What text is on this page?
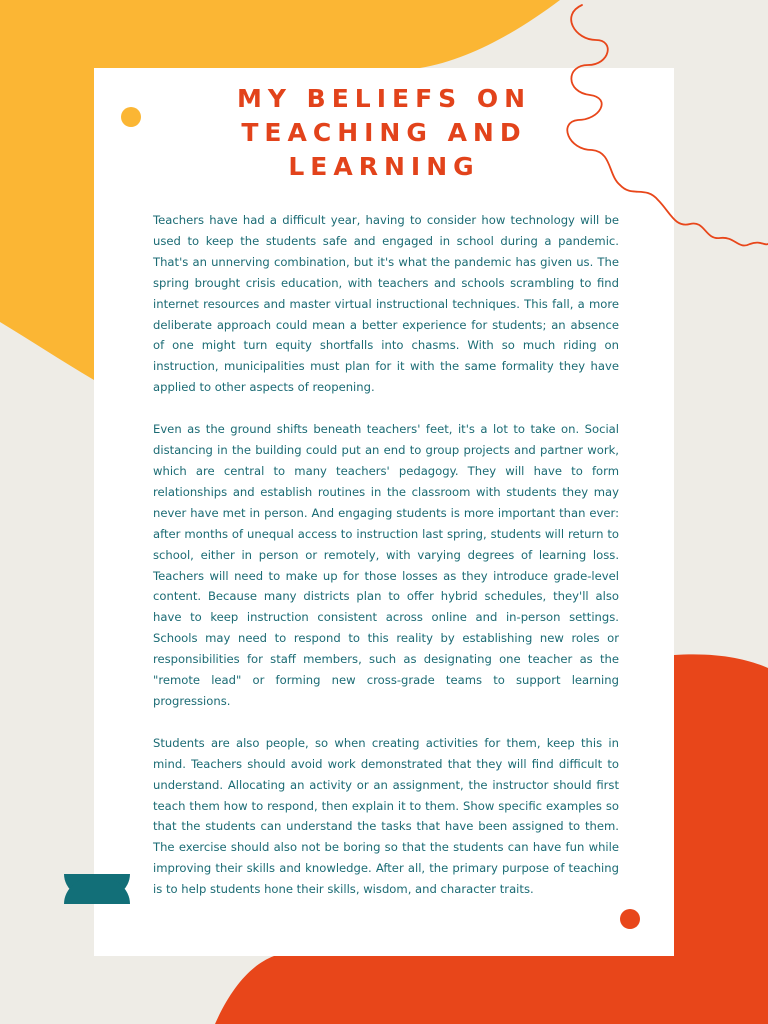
MY BELIEFS ON
TEACHING AND
LEARNING

Teachers have had a difficult year, having to consider how technology will be used to keep the students safe and engaged in school during a pandemic. That's an unnerving combination, but it's what the pandemic has given us. The spring brought crisis education, with teachers and schools scrambling to find internet resources and master virtual instructional techniques. This fall, a more deliberate approach could mean a better experience for students; an absence of one might turn equity shortfalls into chasms. With so much riding on instruction, municipalities must plan for it with the same formality they have applied to other aspects of reopening.

Even as the ground shifts beneath teachers' feet, it's a lot to take on. Social distancing in the building could put an end to group projects and partner work, which are central to many teachers' pedagogy. They will have to form relationships and establish routines in the classroom with students they may never have met in person. And engaging students is more important than ever: after months of unequal access to instruction last spring, students will return to school, either in person or remotely, with varying degrees of learning loss. Teachers will need to make up for those losses as they introduce grade-level content. Because many districts plan to offer hybrid schedules, they'll also have to keep instruction consistent across online and in-person settings. Schools may need to respond to this reality by establishing new roles or responsibilities for staff members, such as designating one teacher as the "remote lead" or forming new cross-grade teams to support learning progressions.

Students are also people, so when creating activities for them, keep this in mind. Teachers should avoid work demonstrated that they will find difficult to understand. Allocating an activity or an assignment, the instructor should first teach them how to respond, then explain it to them. Show specific examples so that the students can understand the tasks that have been assigned to them. The exercise should also not be boring so that the students can have fun while improving their skills and knowledge. After all, the primary purpose of teaching is to help students hone their skills, wisdom, and character traits.
